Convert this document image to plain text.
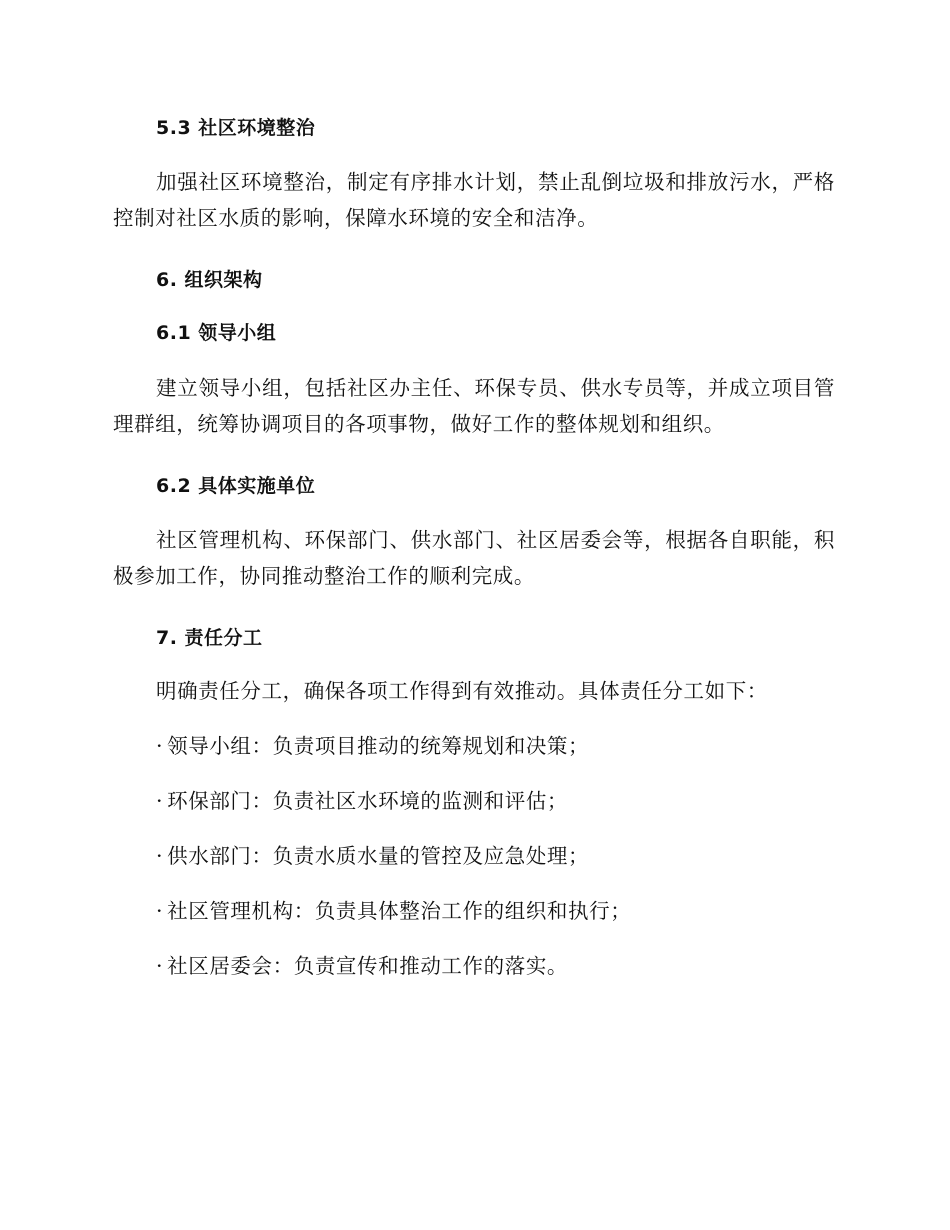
5.3 社区环境整治

加强社区环境整治，制定有序排水计划，禁止乱倒垃圾和排放污水，严格控制对社区水质的影响，保障水环境的安全和洁净。

6. 组织架构
6.1 领导小组

建立领导小组，包括社区办主任、环保专员、供水专员等，并成立项目管理群组，统筹协调项目的各项事物，做好工作的整体规划和组织。

6.2 具体实施单位

社区管理机构、环保部门、供水部门、社区居委会等，根据各自职能，积极参加工作，协同推动整治工作的顺利完成。

7. 责任分工

明确责任分工，确保各项工作得到有效推动。具体责任分工如下：

· 领导小组：负责项目推动的统筹规划和决策；
· 环保部门：负责社区水环境的监测和评估；
· 供水部门：负责水质水量的管控及应急处理；
· 社区管理机构：负责具体整治工作的组织和执行；
· 社区居委会：负责宣传和推动工作的落实。
